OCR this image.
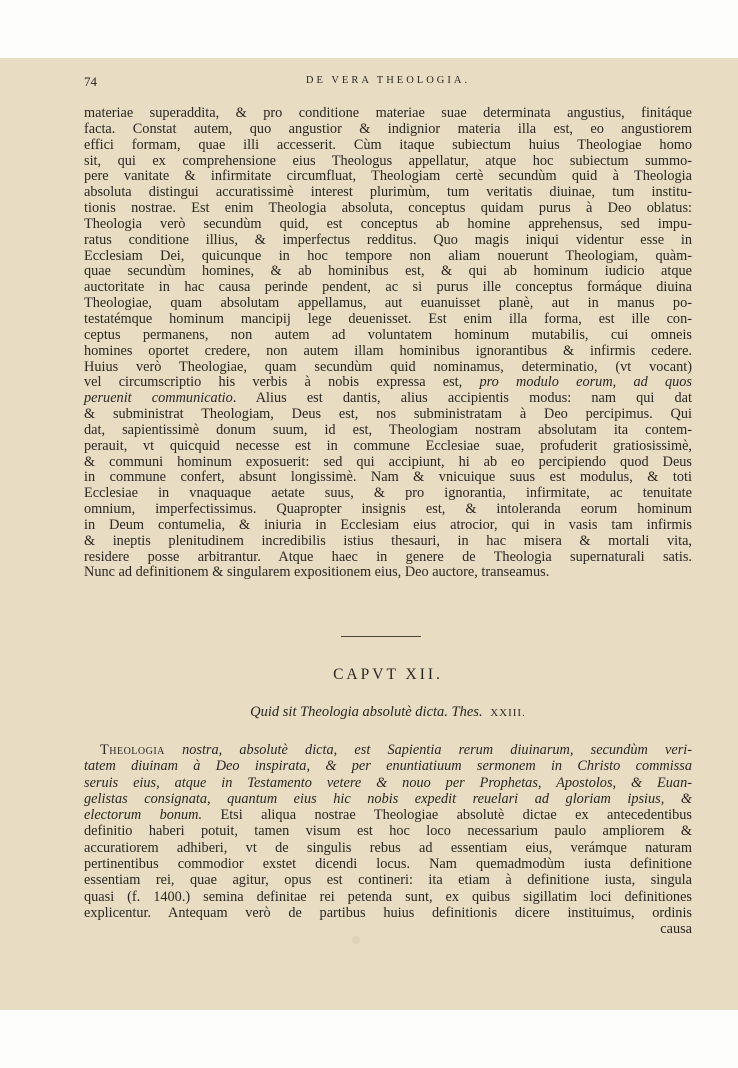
74	DE VERA THEOLOGIA.
materiae superaddita, & pro conditione materiae suae determinata angustius, finitáque
facta. Constat autem, quo angustior & indignior materia illa est, eo angustiorem
effici formam, quae illi accesserit. Cùm itaque subiectum huius Theologiae homo
sit, qui ex comprehensione eius Theologus appellatur, atque hoc subiectum summo-
pere vanitate & infirmitate circumfluat, Theologiam certè secundùm quid à Theologia
absoluta distingui accuratissimè interest plurimùm, tum veritatis diuinae, tum institu-
tionis nostrae. Est enim Theologia absoluta, conceptus quidam purus à Deo oblatus:
Theologia verò secundùm quid, est conceptus ab homine apprehensus, sed impu-
ratus conditione illius, & imperfectus redditus. Quo magis iniqui videntur esse in
Ecclesiam Dei, quicunque in hoc tempore non aliam nouerunt Theologiam, quàm-
quae secundùm homines, & ab hominibus est, & qui ab hominum iudicio atque
auctoritate in hac causa perinde pendent, ac si purus ille conceptus formáque diuina
Theologiae, quam absolutam appellamus, aut euanuisset planè, aut in manus po-
testatémque hominum mancipij lege deuenisset. Est enim illa forma, est ille con-
ceptus permanens, non autem ad voluntatem hominum mutabilis, cui omneis
homines oportet credere, non autem illam hominibus ignorantibus & infirmis cedere.
Huius verò Theologiae, quam secundùm quid nominamus, determinatio, (vt vocant)
vel circumscriptio his verbis à nobis expressa est, pro modulo eorum, ad quos
peruenit communicatio. Alius est dantis, alius accipientis modus: nam qui dat
& subministrat Theologiam, Deus est, nos subministratam à Deo percipimus. Qui
dat, sapientissimè donum suum, id est, Theologiam nostram absolutam ita contem-
perauit, vt quicquid necesse est in commune Ecclesiae suae, profuderit gratiosissimè,
& communi hominum exposuerit: sed qui accipiunt, hi ab eo percipiendo quod Deus
in commune confert, absunt longissimè. Nam & vnicuique suus est modulus, & toti
Ecclesiae in vnaquaque aetate suus, & pro ignorantia, infirmitate, ac tenuitate
omnium, imperfectissimus. Quapropter insignis est, & intoleranda eorum hominum
in Deum contumelia, & iniuria in Ecclesiam eius atrocior, qui in vasis tam infirmis
& ineptis plenitudinem incredibilis istius thesauri, in hac misera & mortali vita,
residere posse arbitrantur. Atque haec in genere de Theologia supernaturali satis.
Nunc ad definitionem & singularem expositionem eius, Deo auctore, transeamus.
CAPVT XII.
Quid sit Theologia absolutè dicta. Thes. XXIII.
Theologia nostra, absolutè dicta, est Sapientia rerum diuinarum, secundùm veri-
tatem diuinam à Deo inspirata, & per enuntiatiuum sermonem in Christo commissa
seruis eius, atque in Testamento vetere & nouo per Prophetas, Apostolos, & Euan-
gelistas consignata, quantum eius hic nobis expedit reuelari ad gloriam ipsius, &
electorum bonum. Etsi aliqua nostrae Theologiae absolutè dictae ex antecedentibus
definitio haberi potuit, tamen visum est hoc loco necessarium paulo ampliorem &
accuratiorem adhiberi, vt de singulis rebus ad essentiam eius, verámque naturam
pertinentibus commodior exstet dicendi locus. Nam quemadmodùm iusta definitione
essentiam rei, quae agitur, opus est contineri: ita etiam à definitione iusta, singula
quasi (f. 1400.) semina definitae rei petenda sunt, ex quibus sigillatim loci definitiones
explicentur. Antequam verò de partibus huius definitionis dicere instituimus, ordinis
causa
